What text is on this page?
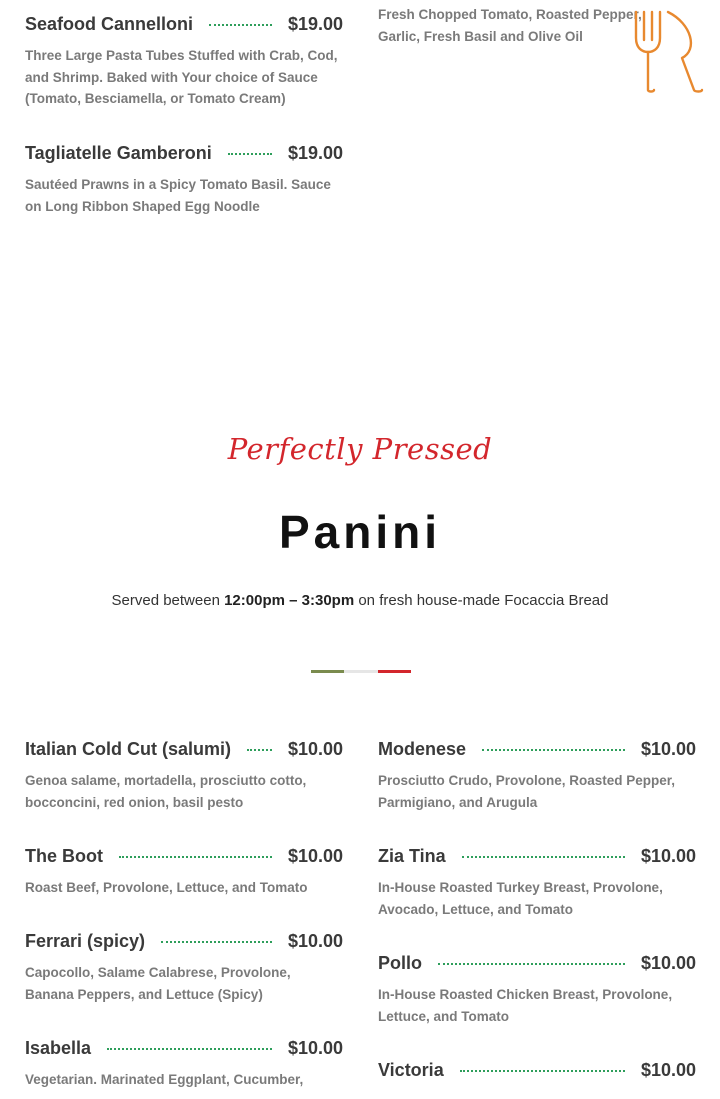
Seafood Cannelloni	$19.00
Three Large Pasta Tubes Stuffed with Crab, Cod, and Shrimp. Baked with Your choice of Sauce (Tomato, Besciamella, or Tomato Cream)
Tagliatelle Gamberoni	$19.00
Sautéed Prawns in a Spicy Tomato Basil. Sauce on Long Ribbon Shaped Egg Noodle
Fresh Chopped Tomato, Roasted Pepper, Garlic, Fresh Basil and Olive Oil
Perfectly Pressed
Panini
Served between 12:00pm – 3:30pm on fresh house-made Focaccia Bread
Italian Cold Cut (salumi)	$10.00
Genoa salame, mortadella, prosciutto cotto, bocconcini, red onion, basil pesto
The Boot	$10.00
Roast Beef, Provolone, Lettuce, and Tomato
Ferrari (spicy)	$10.00
Capocollo, Salame Calabrese, Provolone, Banana Peppers, and Lettuce (Spicy)
Isabella	$10.00
Vegetarian. Marinated Eggplant, Cucumber,
Modenese	$10.00
Prosciutto Crudo, Provolone, Roasted Pepper, Parmigiano, and Arugula
Zia Tina	$10.00
In-House Roasted Turkey Breast, Provolone, Avocado, Lettuce, and Tomato
Pollo	$10.00
In-House Roasted Chicken Breast, Provolone, Lettuce, and Tomato
Victoria	$10.00
